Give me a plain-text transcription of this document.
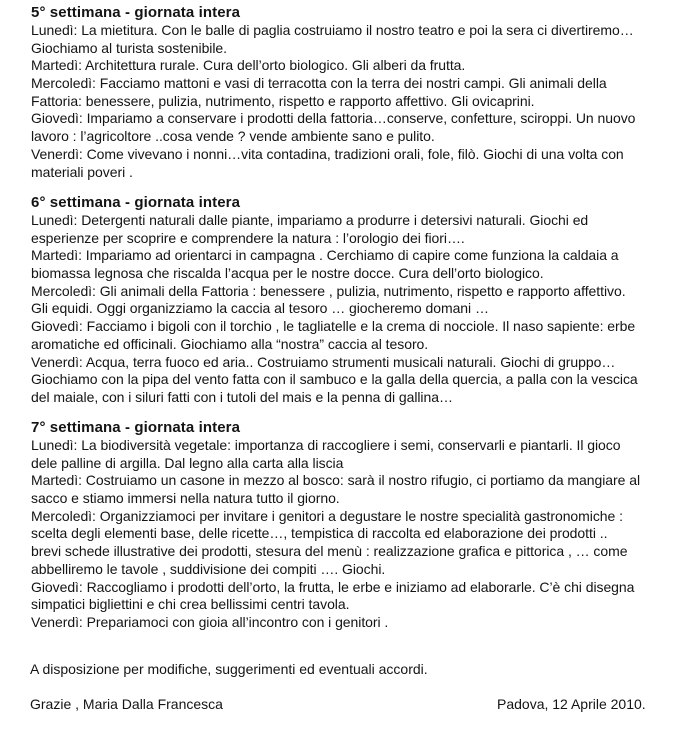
5° settimana - giornata intera
Lunedì: La mietitura. Con le balle di paglia costruiamo il nostro teatro e poi la sera ci divertiremo…
Giochiamo al turista sostenibile.
Martedì: Architettura rurale. Cura dell’orto biologico. Gli alberi da frutta.
Mercoledì: Facciamo mattoni e vasi di terracotta con la terra dei nostri campi. Gli animali della
Fattoria: benessere, pulizia, nutrimento, rispetto e rapporto affettivo. Gli ovicaprini.
Giovedì: Impariamo a conservare i prodotti della fattoria…conserve, confetture, sciroppi. Un nuovo
lavoro : l’agricoltore ..cosa vende ? vende ambiente sano e pulito.
Venerdì: Come vivevano i nonni…vita contadina, tradizioni orali, fole, filò. Giochi di una volta con
materiali poveri .
6° settimana - giornata intera
Lunedì: Detergenti naturali dalle piante, impariamo a produrre i detersivi naturali. Giochi ed
esperienze per scoprire e comprendere la natura : l’orologio dei fiori….
Martedì: Impariamo ad orientarci in campagna . Cerchiamo di capire come funziona la caldaia a
biomassa legnosa che riscalda l’acqua per le nostre docce. Cura dell’orto biologico.
Mercoledì: Gli animali della Fattoria : benessere , pulizia, nutrimento, rispetto e rapporto affettivo.
Gli equidi. Oggi organizziamo la caccia al tesoro … giocheremo domani …
Giovedì: Facciamo i bigoli con il torchio , le tagliatelle e la crema di nocciole. Il naso sapiente: erbe
aromatiche ed officinali. Giochiamo alla “nostra” caccia al tesoro.
Venerdì: Acqua, terra fuoco ed aria.. Costruiamo strumenti musicali naturali. Giochi di gruppo…
Giochiamo con la pipa del vento fatta con il sambuco e la galla della quercia, a palla con la vescica
del maiale, con i siluri fatti con i tutoli del mais e la penna di gallina…
7° settimana - giornata intera
Lunedì: La biodiversità vegetale: importanza di raccogliere i semi, conservarli e piantarli. Il gioco
dele palline di argilla. Dal legno alla carta alla liscia
Martedì: Costruiamo un casone in mezzo al bosco: sarà il nostro rifugio, ci portiamo da mangiare al
sacco e stiamo immersi nella natura tutto il giorno.
Mercoledì: Organizziamoci per invitare i genitori a degustare le nostre specialità gastronomiche :
scelta degli elementi base, delle ricette…, tempistica di raccolta ed elaborazione dei prodotti ..
brevi schede illustrative dei prodotti, stesura del menù : realizzazione grafica e pittorica , … come
abbelliremo le tavole , suddivisione dei compiti …. Giochi.
Giovedì: Raccogliamo i prodotti dell’orto, la frutta, le erbe e iniziamo ad elaborarle. C’è chi disegna
simpatici bigliettini e chi crea bellissimi centri tavola.
Venerdì: Prepariamoci con gioia all’incontro con i genitori .
A disposizione per modifiche, suggerimenti ed eventuali accordi.
Grazie , Maria Dalla Francesca	Padova, 12 Aprile 2010.
